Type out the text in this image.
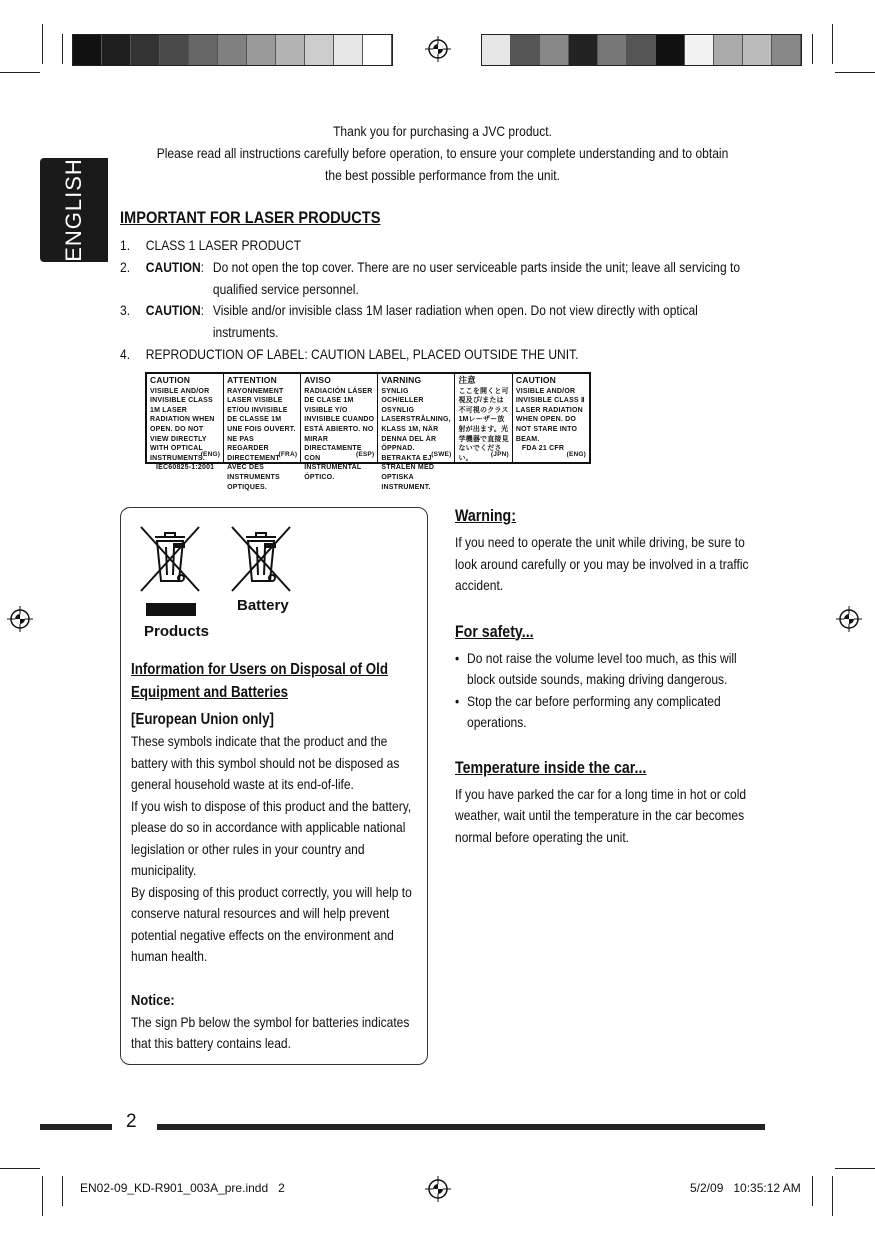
ENGLISH
Thank you for purchasing a JVC product.
Please read all instructions carefully before operation, to ensure your complete understanding and to obtain the best possible performance from the unit.
IMPORTANT FOR LASER PRODUCTS
1. CLASS 1 LASER PRODUCT
2. CAUTION: Do not open the top cover. There are no user serviceable parts inside the unit; leave all servicing to qualified service personnel.
3. CAUTION: Visible and/or invisible class 1M laser radiation when open. Do not view directly with optical instruments.
4. REPRODUCTION OF LABEL: CAUTION LABEL, PLACED OUTSIDE THE UNIT.
CAUTION
VISIBLE AND/OR INVISIBLE CLASS 1M LASER RADIATION WHEN OPEN. DO NOT VIEW DIRECTLY WITH OPTICAL INSTRUMENTS.
IEC60825-1:2001
(ENG)
ATTENTION
RAYONNEMENT LASER VISIBLE ET/OU INVISIBLE DE CLASSE 1M UNE FOIS OUVERT. NE PAS REGARDER DIRECTEMENT AVEC DES INSTRUMENTS OPTIQUES.
(FRA)
AVISO
RADIACIÓN LÁSER DE CLASE 1M VISIBLE Y/O INVISIBLE CUANDO ESTÁ ABIERTO. NO MIRAR DIRECTAMENTE CON INSTRUMENTAL ÓPTICO.
(ESP)
VARNING
SYNLIG OCH/ELLER OSYNLIG LASERSTRÅLNING, KLASS 1M, NÄR DENNA DEL ÄR ÖPPNAD. BETRAKTA EJ STRÅLEN MED OPTISKA INSTRUMENT.
(SWE)
注意
ここを開くと可視及び/または不可視のクラス1Mレーザー放射が出ます。光学機器で直接見ないでください。	(JPN)
CAUTION
VISIBLE AND/OR INVISIBLE CLASS Ⅱ LASER RADIATION WHEN OPEN. DO NOT STARE INTO BEAM.
FDA 21 CFR
(ENG)
Products
Battery
Information for Users on Disposal of Old Equipment and Batteries
[European Union only]
These symbols indicate that the product and the battery with this symbol should not be disposed as general household waste at its end-of-life.
If you wish to dispose of this product and the battery, please do so in accordance with applicable national legislation or other rules in your country and municipality.
By disposing of this product correctly, you will help to conserve natural resources and will help prevent potential negative effects on the environment and human health.
Notice:
The sign Pb below the symbol for batteries indicates that this battery contains lead.
Warning:
If you need to operate the unit while driving, be sure to look around carefully or you may be involved in a traffic accident.
For safety...
• Do not raise the volume level too much, as this will block outside sounds, making driving dangerous.
• Stop the car before performing any complicated operations.
Temperature inside the car...
If you have parked the car for a long time in hot or cold weather, wait until the temperature in the car becomes normal before operating the unit.
2
EN02-09_KD-R901_003A_pre.indd   2	5/2/09   10:35:12 AM
